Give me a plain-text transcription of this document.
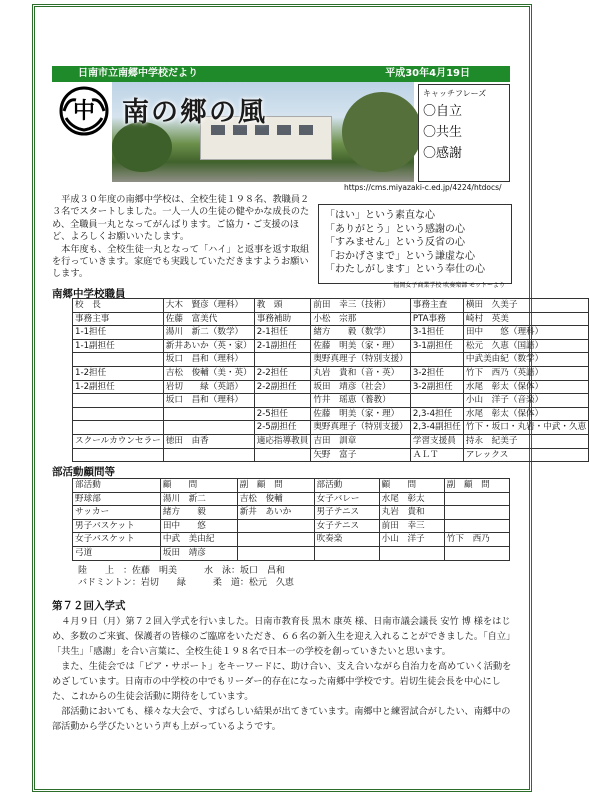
日南市立南郷中学校だより	平成30年4月19日
中 南の郷の風
キャッチフレーズ
〇自立
〇共生
〇感謝
https://cms.miyazaki-c.ed.jp/4224/htdocs/
　平成３０年度の南郷中学校は、全校生徒１９８名、教職員２３名でスタートしました。一人一人の生徒の健やかな成長のため、全職員一丸となってがんばります。ご協力・ご支援のほど、よろしくお願いいたします。
　本年度も、全校生徒一丸となって「ハイ」と返事を返す取組を行っていきます。家庭でも実践していただきますようお願いします。
「はい」という素直な心
「ありがとう」という感謝の心
「すみません」という反省の心
「おかげさまで」という謙虚な心
「わたしがします」という奉仕の心
福岡女子商業学校 吹奏楽部 モットーより
南郷中学校職員
校　長	大木　賢彦（理科）	教　頭	前田　幸三（技術）	事務主査	横田　久美子
事務主事	佐藤　富美代	事務補助	小松　宗那	PTA事務	崎村　英美
1-1担任	湯川　新二（数学）	2-1担任	緒方　　毅（数学）	3-1担任	田中　　悠（理科）
1-1副担任	新井あいか（英・家）	2-1副担任	佐藤　明美（家・理）	3-1副担任	松元　久恵（国語）
	坂口　昌和（理科）		奥野真理子（特別支援）		中武美由紀（数学）
1-2担任	吉松　俊輔（美・英）	2-2担任	丸岩　貴和（音・英）	3-2担任	竹下　西乃（英語）
1-2副担任	岩切　　緑（英語）	2-2副担任	坂田　靖彦（社会）	3-2副担任	水尾　彰太（保体）
	坂口　昌和（理科）		竹井　瑶恵（養教）		小山　洋子（音楽）
		2-5担任	佐藤　明美（家・理）	2,3-4担任	水尾　彰太（保体）
		2-5副担任	奥野真理子（特別支援）	2,3-4副担任	竹下・坂口・丸岩・中武・久恵
スクールカウンセラー	徳田　由香	適応指導教員	吉田　訓章	学習支援員	持永　紀美子
			矢野　富子	ＡＬＴ	アレックス
部活動顧問等
部活動	顧　　問	副　顧　問	部活動	顧　　問	副　顧　問
野球部	湯川　新二	吉松　俊輔	女子バレー	水尾　彰太	
サッカー	緒方　　毅	新井　あいか	男子テニス	丸岩　貴和	
男子バスケット	田中　　悠		女子テニス	前田　幸三	
女子バスケット	中武　美由紀		吹奏楽	小山　洋子	竹下　西乃
弓道	坂田　靖彦				
陸　　上　：佐藤　明美　　　水　泳：坂口　昌和
バドミントン：岩切　　緑　　　柔　道：松元　久恵
第７２回入学式

４月９日（月）第７２回入学式を行いました。日南市教育長 黒木 康英 様、日南市議会議長 安竹 博 様をはじめ、多数のご来賓、保護者の皆様のご臨席をいただき、６６名の新入生を迎え入れることができました。「自立」「共生」「感謝」を合い言葉に、全校生徒１９８名で日本一の学校を創っていきたいと思います。

また、生徒会では「ピア・サポート」をキーワードに、助け合い、支え合いながら自治力を高めていく活動をめざしています。日南市の中学校の中でもリーダー的存在になった南郷中学校です。岩切生徒会長を中心にした、これからの生徒会活動に期待をしています。

部活動においても、様々な大会で、すばらしい結果が出てきています。南郷中と練習試合がしたい、南郷中の部活動から学びたいという声も上がっているようです。
